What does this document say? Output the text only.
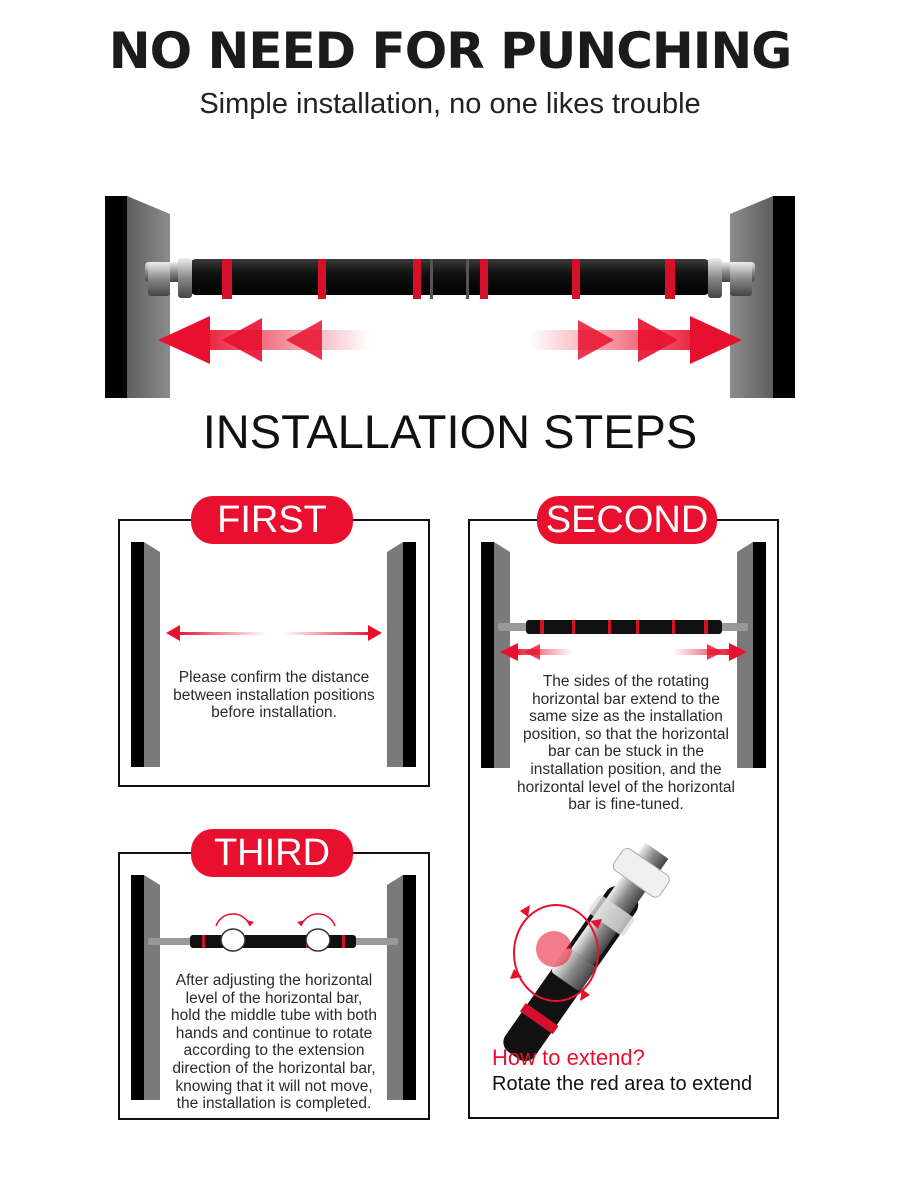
NO NEED FOR PUNCHING
Simple installation, no one likes trouble
INSTALLATION STEPS
FIRST
Please confirm the distance
between installation positions
before installation.
SECOND
The sides of the rotating
horizontal bar extend to the
same size as the installation
position, so that the horizontal
bar can be stuck in the
installation position, and the
horizontal level of the horizontal
bar is fine-tuned.
How to extend?
Rotate the red area to extend
THIRD
After adjusting the horizontal
level of the horizontal bar,
hold the middle tube with both
hands and continue to rotate
according to the extension
direction of the horizontal bar,
knowing that it will not move,
the installation is completed.
